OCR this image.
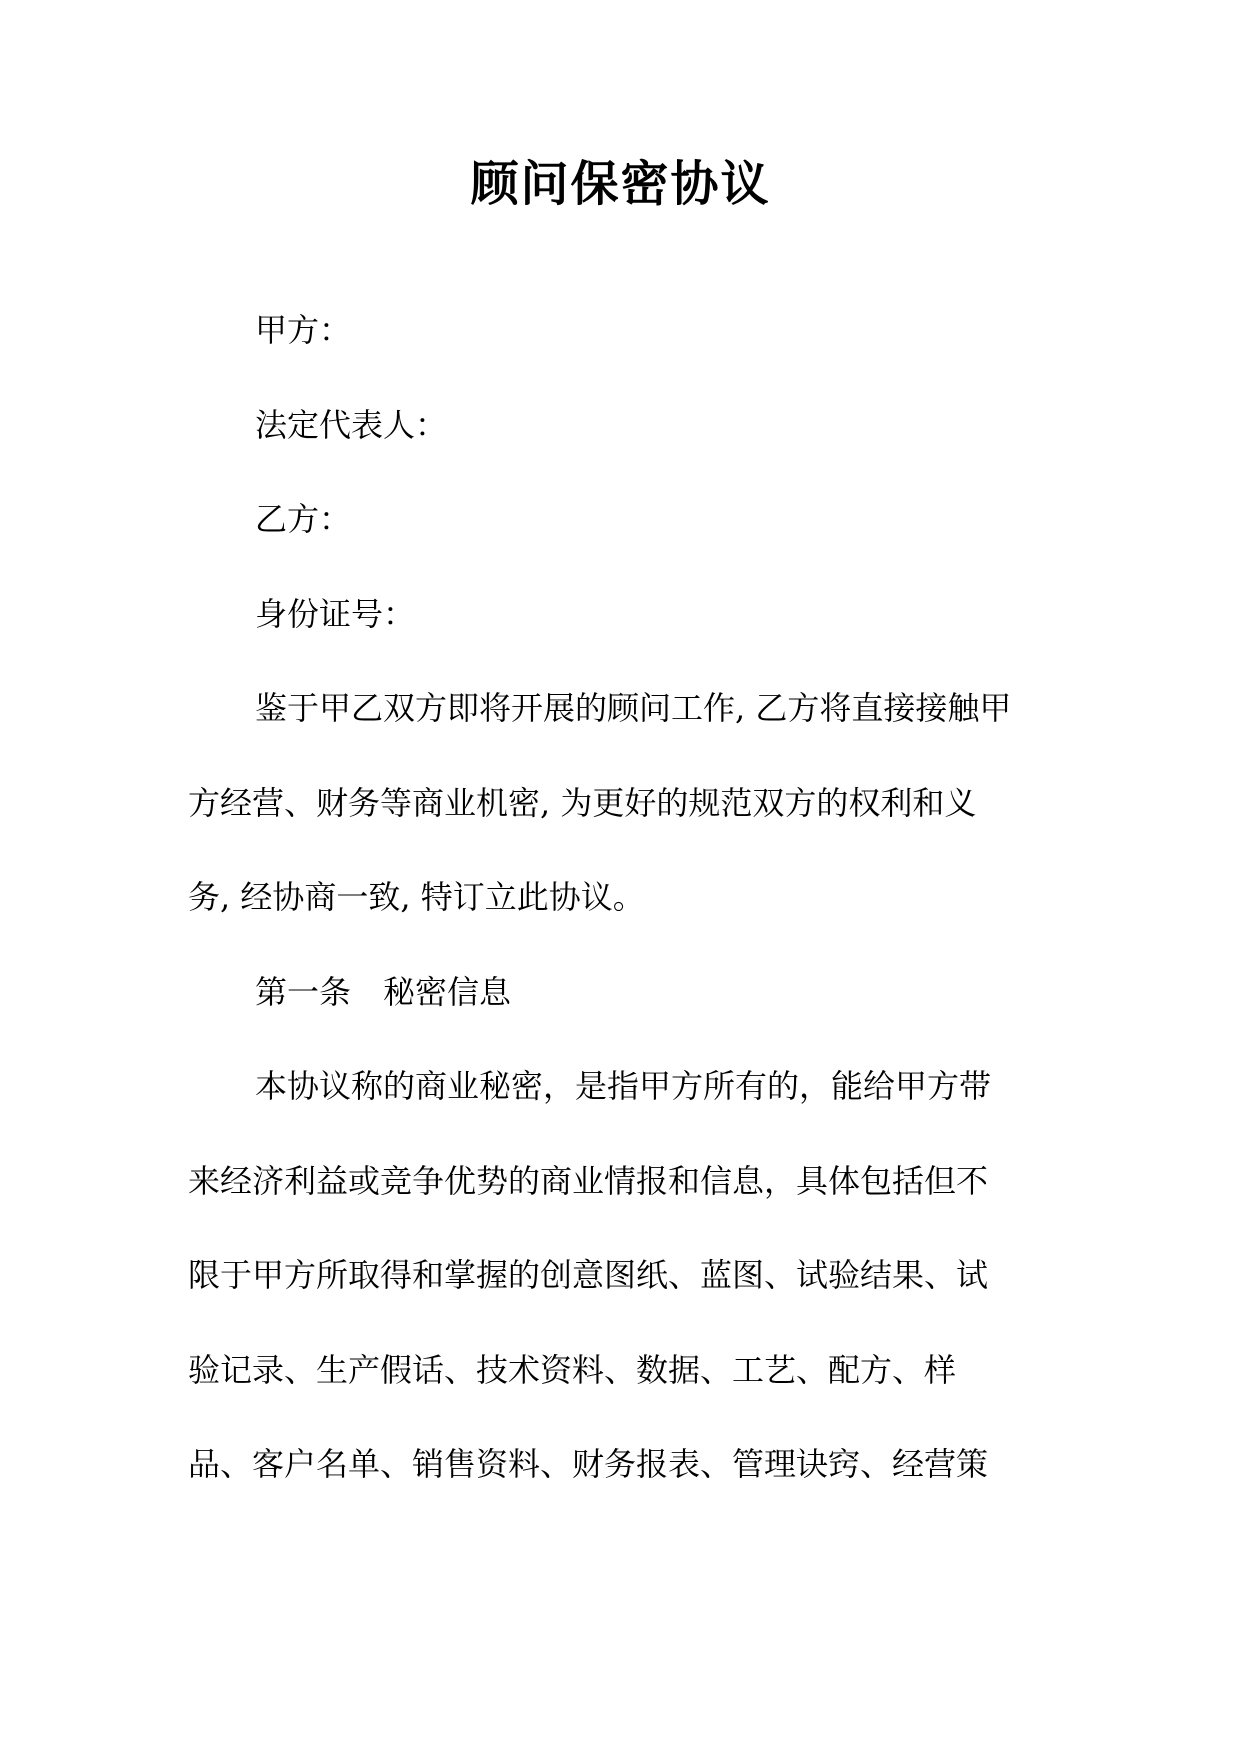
顾问保密协议
甲方：
法定代表人：
乙方：
身份证号：
鉴于甲乙双方即将开展的顾问工作, 乙方将直接接触甲
方经营、财务等商业机密, 为更好的规范双方的权利和义
务, 经协商一致, 特订立此协议。
第一条　秘密信息
本协议称的商业秘密，是指甲方所有的，能给甲方带
来经济利益或竞争优势的商业情报和信息，具体包括但不
限于甲方所取得和掌握的创意图纸、蓝图、试验结果、试
验记录、生产假话、技术资料、数据、工艺、配方、样
品、客户名单、销售资料、财务报表、管理诀窍、经营策
